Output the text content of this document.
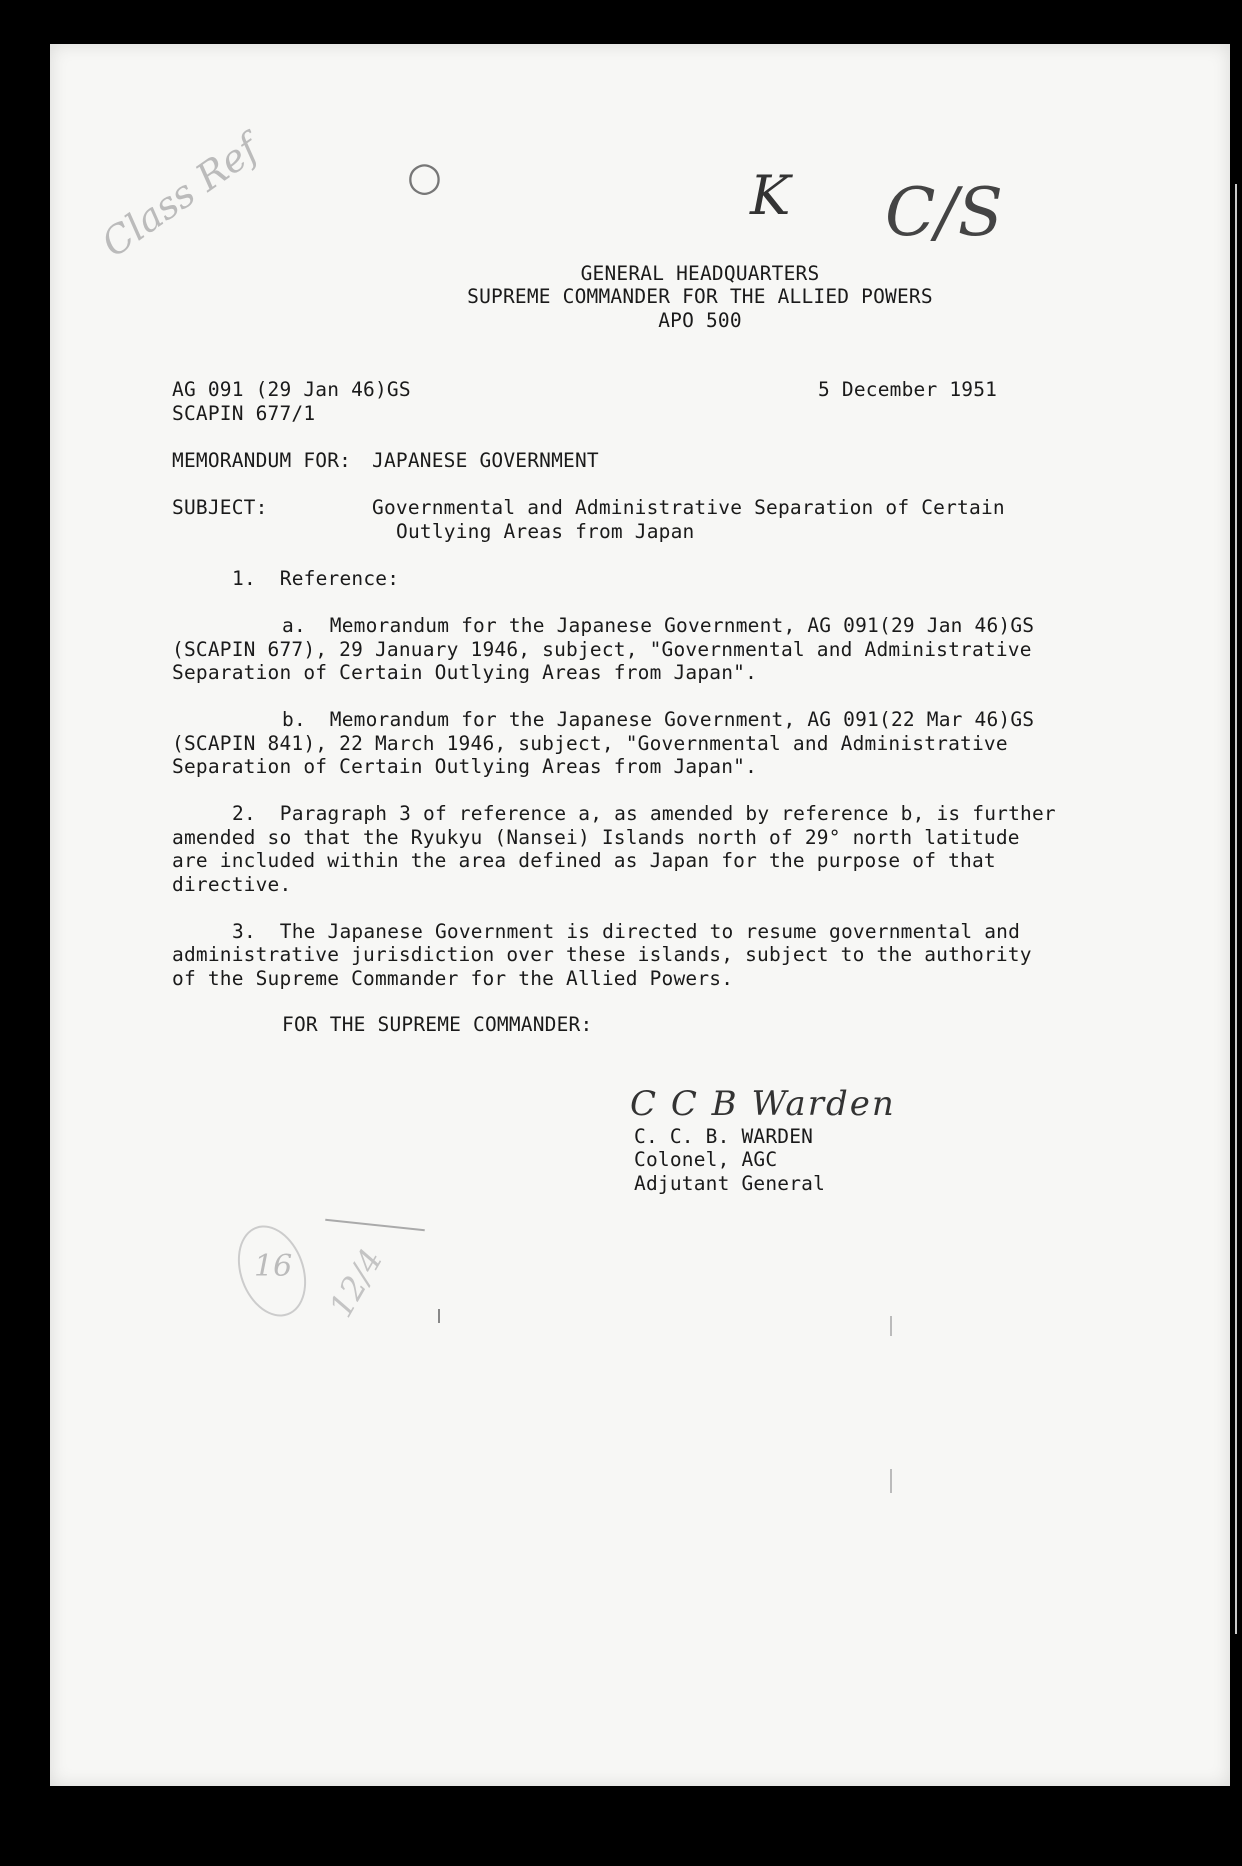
Class Ref	K C/S
○
GENERAL HEADQUARTERS
SUPREME COMMANDER FOR THE ALLIED POWERS
APO 500
AG 091 (29 Jan 46)GS
SCAPIN 677/1
5 December 1951
MEMORANDUM FOR: JAPANESE GOVERNMENT
SUBJECT:	Governmental and Administrative Separation of Certain
Outlying Areas from Japan
1.  Reference:
a.  Memorandum for the Japanese Government, AG 091(29 Jan 46)GS
(SCAPIN 677), 29 January 1946, subject, "Governmental and Administrative
Separation of Certain Outlying Areas from Japan".
b.  Memorandum for the Japanese Government, AG 091(22 Mar 46)GS
(SCAPIN 841), 22 March 1946, subject, "Governmental and Administrative
Separation of Certain Outlying Areas from Japan".
2.  Paragraph 3 of reference a, as amended by reference b, is further
amended so that the Ryukyu (Nansei) Islands north of 29° north latitude
are included within the area defined as Japan for the purpose of that
directive.
3.  The Japanese Government is directed to resume governmental and
administrative jurisdiction over these islands, subject to the authority
of the Supreme Commander for the Allied Powers.
FOR THE SUPREME COMMANDER:
C C B Warden
C. C. B. WARDEN
Colonel, AGC
Adjutant General
16 12/4
